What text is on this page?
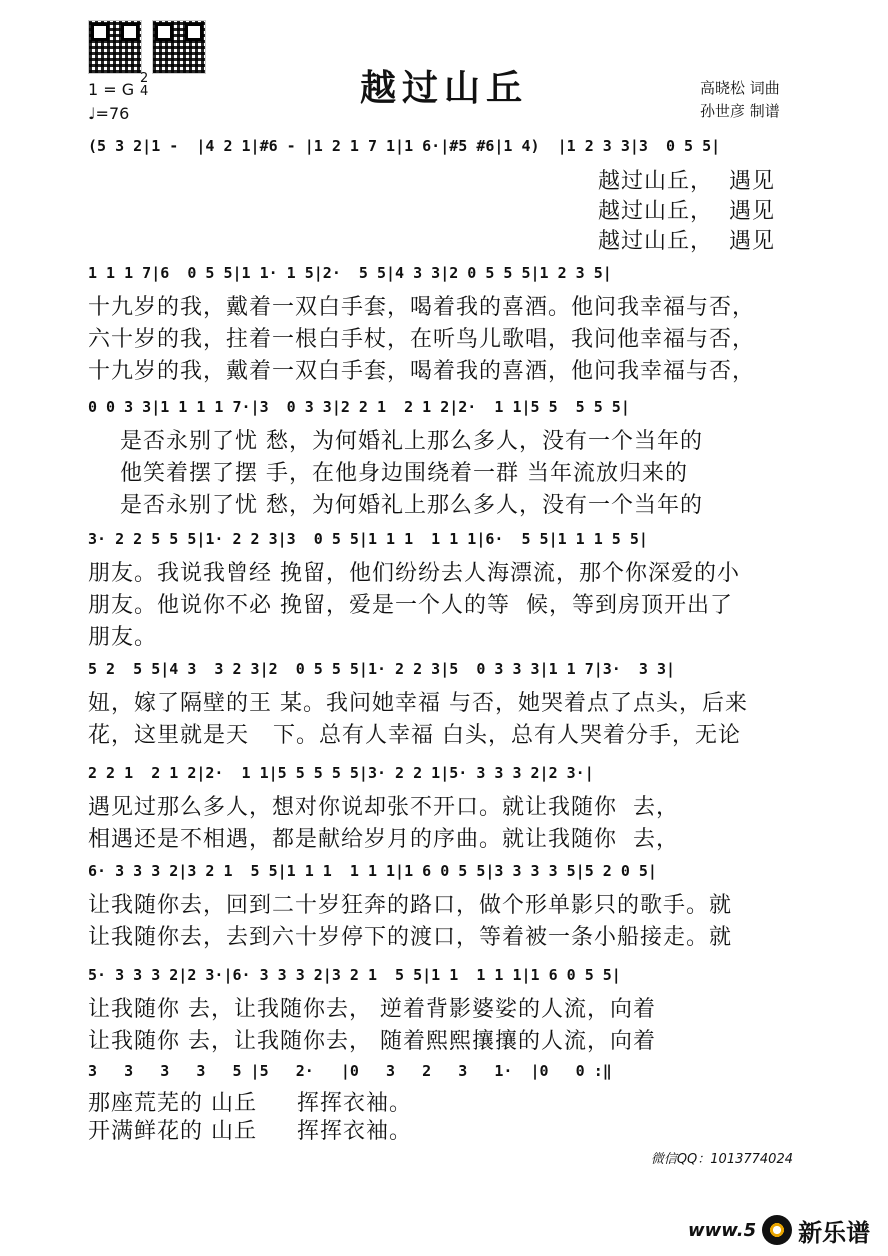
越过山丘	高晓松 词曲
孙世彦 制谱
1 = G
2
4
♩=76
(5 3 2|1 -  |4 2 1|#6 - |1 2 1 7 1|1 6·|#5 #6|1 4)  |1 2 3 3|3  0 5 5|
越过山丘，  遇见
越过山丘，  遇见
越过山丘，  遇见
1 1 1 7|6  0 5 5|1 1· 1 5|2·  5 5|4 3 3|2 0 5 5 5|1 2 3 5|
十九岁的我，戴着一双白手套，喝着我的喜酒。他问我幸福与否，
六十岁的我，拄着一根白手杖，在听鸟儿歌唱，我问他幸福与否，
十九岁的我，戴着一双白手套，喝着我的喜酒，他问我幸福与否，
0 0 3 3|1 1 1 1 7·|3  0 3 3|2 2 1  2 1 2|2·  1 1|5 5  5 5 5|
是否永别了忧 愁，为何婚礼上那么多人，没有一个当年的
他笑着摆了摆 手，在他身边围绕着一群 当年流放归来的
是否永别了忧 愁，为何婚礼上那么多人，没有一个当年的
3· 2 2 5 5 5|1· 2 2 3|3  0 5 5|1 1 1  1 1 1|6·  5 5|1 1 1 5 5|
朋友。我说我曾经 挽留，他们纷纷去人海漂流，那个你深爱的小
朋友。他说你不必 挽留，爱是一个人的等  候，等到房顶开出了
朋友。
5 2  5 5|4 3  3 2 3|2  0 5 5 5|1· 2 2 3|5  0 3 3 3|1 1 7|3·  3 3|
妞，嫁了隔壁的王 某。我问她幸福 与否，她哭着点了点头，后来
花，这里就是天   下。总有人幸福 白头，总有人哭着分手，无论
2 2 1  2 1 2|2·  1 1|5 5 5 5 5|3· 2 2 1|5· 3 3 3 2|2 3·|
遇见过那么多人，想对你说却张不开口。就让我随你  去，
相遇还是不相遇，都是献给岁月的序曲。就让我随你  去，
6· 3 3 3 2|3 2 1  5 5|1 1 1  1 1 1|1 6 0 5 5|3 3 3 3 5|5 2 0 5|
让我随你去，回到二十岁狂奔的路口，做个形单影只的歌手。就
让我随你去，去到六十岁停下的渡口，等着被一条小船接走。就
5· 3 3 3 2|2 3·|6· 3 3 3 2|3 2 1  5 5|1 1  1 1 1|1 6 0 5 5|
让我随你 去，让我随你去， 逆着背影婆娑的人流，向着
让我随你 去，让我随你去， 随着熙熙攘攘的人流，向着
3   3   3   3   5 |5   2·   |0   3   2   3   1·  |0   0 :‖
那座荒芜的 山丘     挥挥衣袖。
开满鲜花的 山丘     挥挥衣袖。
微信QQ：1013774024
www.5 新乐谱
